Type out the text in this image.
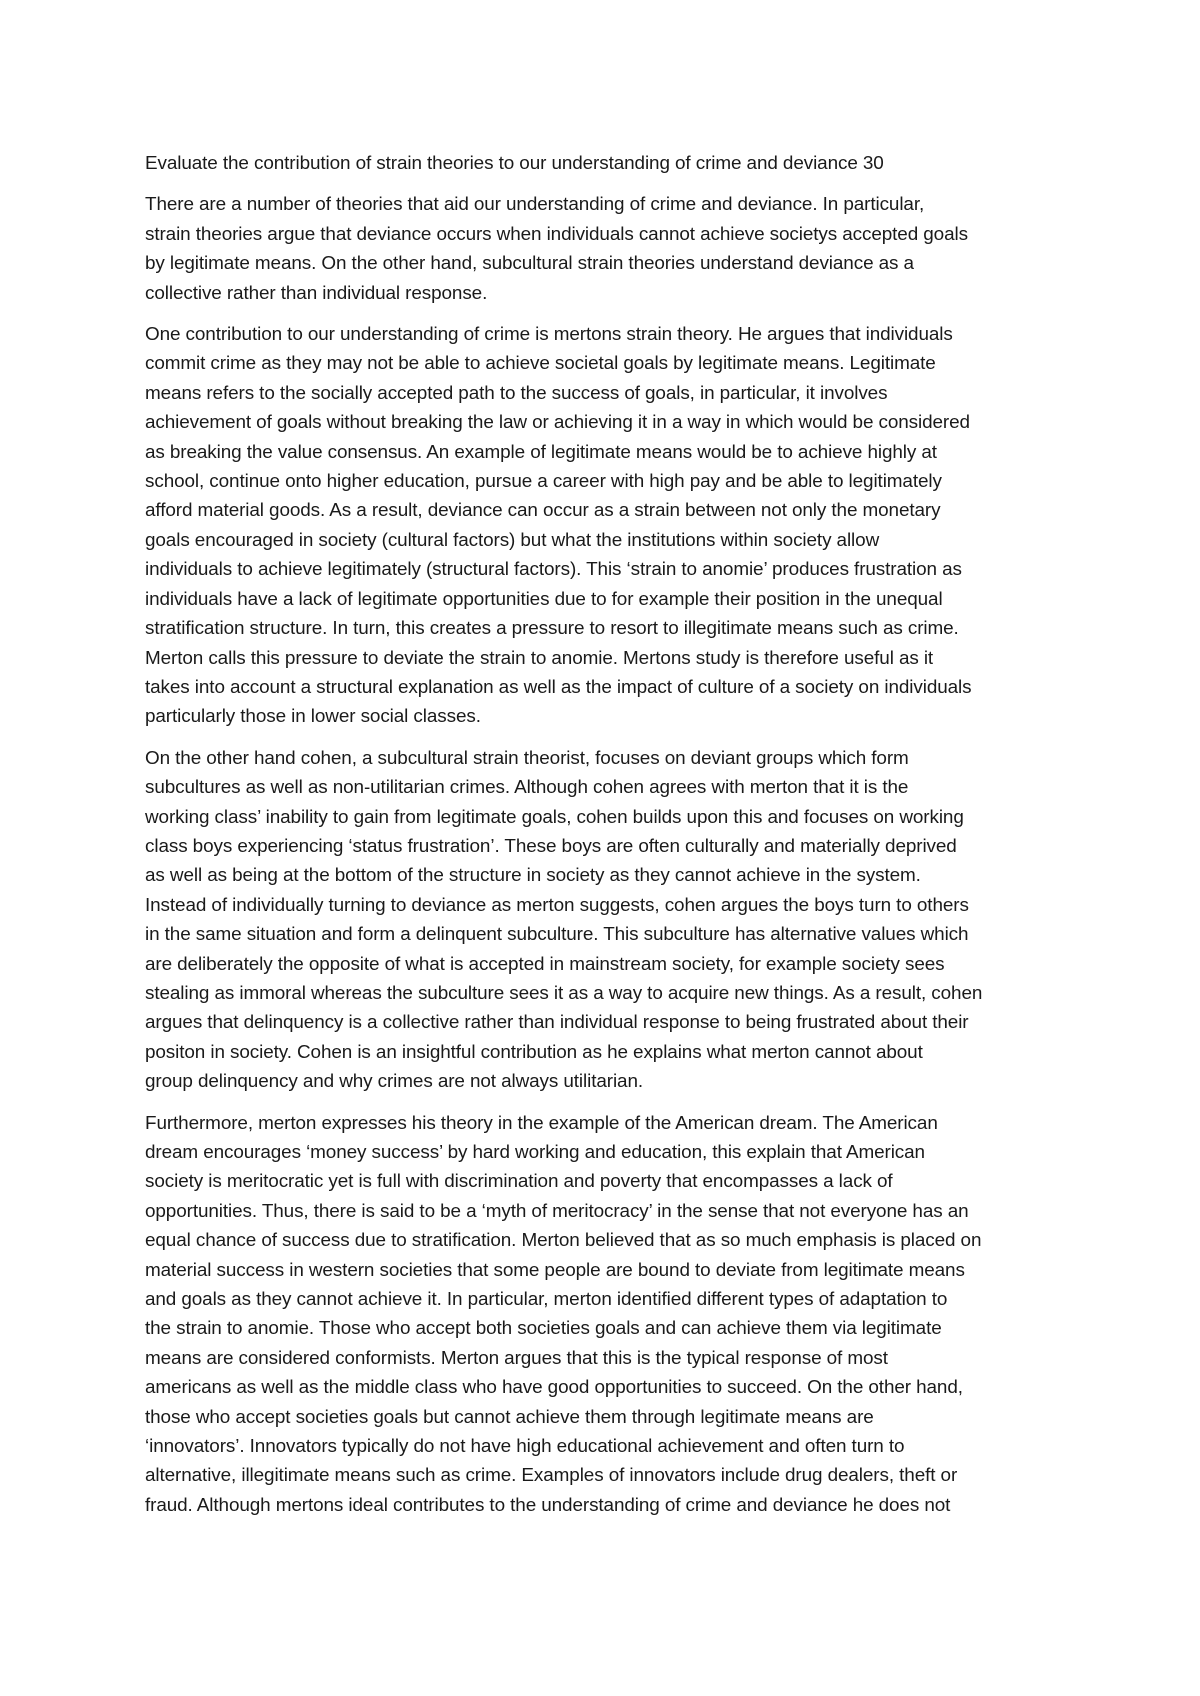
Evaluate the contribution of strain theories to our understanding of crime and deviance 30
There are a number of theories that aid our understanding of crime and deviance. In particular,
strain theories argue that deviance occurs when individuals cannot achieve societys accepted goals
by legitimate means. On the other hand, subcultural strain theories understand deviance as a
collective rather than individual response.
One contribution to our understanding of crime is mertons strain theory. He argues that individuals
commit crime as they may not be able to achieve societal goals by legitimate means. Legitimate
means refers to the socially accepted path to the success of goals, in particular, it involves
achievement of goals without breaking the law or achieving it in a way in which would be considered
as breaking the value consensus. An example of legitimate means would be to achieve highly at
school, continue onto higher education, pursue a career with high pay and be able to legitimately
afford material goods. As a result, deviance can occur as a strain between not only the monetary
goals encouraged in society (cultural factors) but what the institutions within society allow
individuals to achieve legitimately (structural factors). This ‘strain to anomie’ produces frustration as
individuals have a lack of legitimate opportunities due to for example their position in the unequal
stratification structure. In turn, this creates a pressure to resort to illegitimate means such as crime.
Merton calls this pressure to deviate the strain to anomie. Mertons study is therefore useful as it
takes into account a structural explanation as well as the impact of culture of a society on individuals
particularly those in lower social classes.
On the other hand cohen, a subcultural strain theorist, focuses on deviant groups which form
subcultures as well as non-utilitarian crimes. Although cohen agrees with merton that it is the
working class’ inability to gain from legitimate goals, cohen builds upon this and focuses on working
class boys experiencing ‘status frustration’. These boys are often culturally and materially deprived
as well as being at the bottom of the structure in society as they cannot achieve in the system.
Instead of individually turning to deviance as merton suggests, cohen argues the boys turn to others
in the same situation and form a delinquent subculture. This subculture has alternative values which
are deliberately the opposite of what is accepted in mainstream society, for example society sees
stealing as immoral whereas the subculture sees it as a way to acquire new things. As a result, cohen
argues that delinquency is a collective rather than individual response to being frustrated about their
positon in society. Cohen is an insightful contribution as he explains what merton cannot about
group delinquency and why crimes are not always utilitarian.
Furthermore, merton expresses his theory in the example of the American dream. The American
dream encourages ‘money success’ by hard working and education, this explain that American
society is meritocratic yet is full with discrimination and poverty that encompasses a lack of
opportunities. Thus, there is said to be a ‘myth of meritocracy’ in the sense that not everyone has an
equal chance of success due to stratification. Merton believed that as so much emphasis is placed on
material success in western societies that some people are bound to deviate from legitimate means
and goals as they cannot achieve it. In particular, merton identified different types of adaptation to
the strain to anomie. Those who accept both societies goals and can achieve them via legitimate
means are considered conformists. Merton argues that this is the typical response of most
americans as well as the middle class who have good opportunities to succeed. On the other hand,
those who accept societies goals but cannot achieve them through legitimate means are
‘innovators’. Innovators typically do not have high educational achievement and often turn to
alternative, illegitimate means such as crime. Examples of innovators include drug dealers, theft or
fraud. Although mertons ideal contributes to the understanding of crime and deviance he does not
